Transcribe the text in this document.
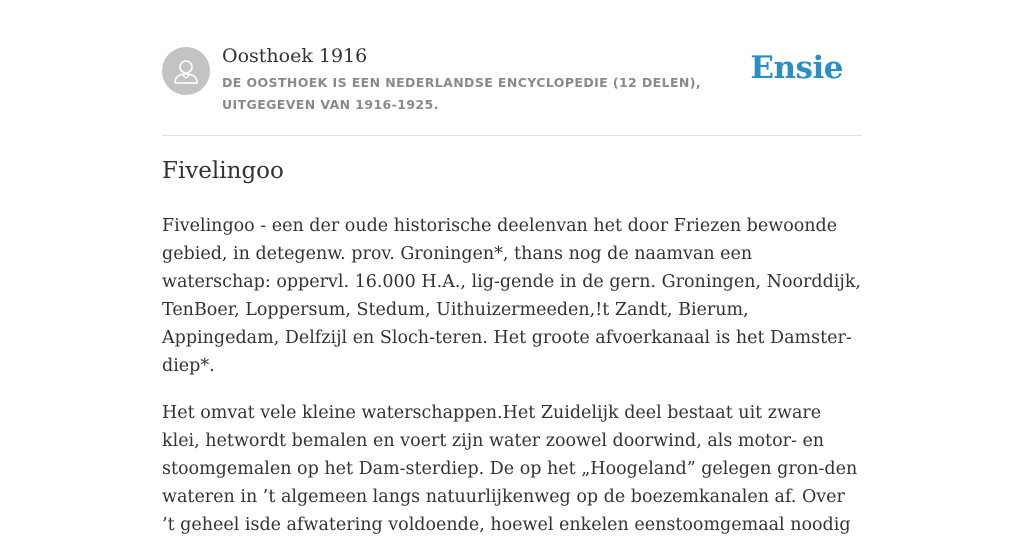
Oosthoek 1916
DE OOSTHOEK IS EEN NEDERLANDSE ENCYCLOPEDIE (12 DELEN), UITGEGEVEN VAN 1916-1925.
Ensie
Fivelingoo

Fivelingoo - een der oude historische deelenvan het door Friezen bewoonde gebied, in detegenw. prov. Groningen*, thans nog de naamvan een waterschap: oppervl. 16.000 H.A., lig-gende in de gern. Groningen, Noorddijk, TenBoer, Loppersum, Stedum, Uithuizermeeden,!t Zandt, Bierum, Appingedam, Delfzijl en Sloch-teren. Het groote afvoerkanaal is het Damster-diep*.

Het omvat vele kleine waterschappen.Het Zuidelijk deel bestaat uit zware klei, hetwordt bemalen en voert zijn water zoowel doorwind, als motor- en stoomgemalen op het Dam-sterdiep. De op het „Hoogeland” gelegen gron-den wateren in ’t algemeen langs natuurlijkenweg op de boezemkanalen af. Over ’t geheel isde afwatering voldoende, hoewel enkelen eenstoomgemaal noodig
